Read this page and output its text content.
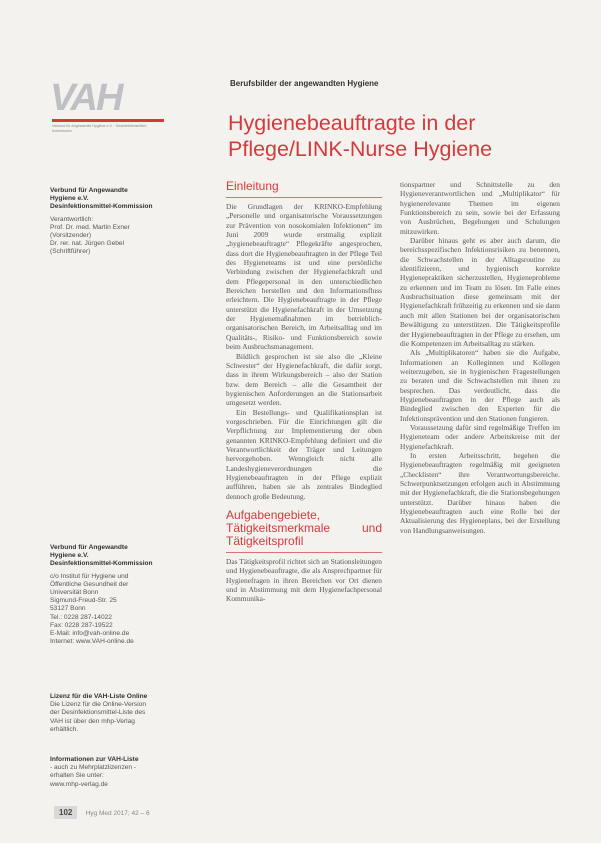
VAH
Verbund für Angewandte Hygiene e.V. · Desinfektionsmittel-Kommission
Berufsbilder der angewandten Hygiene
Hygienebeauftragte in der Pflege/LINK-Nurse Hygiene

Verbund für Angewandte

Hygiene e.V.

Desinfektionsmittel-Kommission

Verantwortlich:

Prof. Dr. med. Martin Exner

(Vorsitzender)

Dr. rer. nat. Jürgen Gebel

(Schriftführer)

Verbund für Angewandte

Hygiene e.V.

Desinfektionsmittel-Kommission

c/o Institut für Hygiene und

Öffentliche Gesundheit der

Universität Bonn

Sigmund-Freud-Str. 25

53127 Bonn

Tel.: 0228 287-14022

Fax: 0228 287-19522

E-Mail: info@vah-online.de

Internet: www.VAH-online.de

Lizenz für die VAH-Liste Online

Die Lizenz für die Online-Version

der Desinfektionsmittel-Liste des

VAH ist über den mhp-Verlag

erhältlich.

Informationen zur VAH-Liste

- auch zu Mehrplatzlizenzen -

erhalten Sie unter:

www.mhp-verlag.de

Einleitung

Die Grundlagen der KRINKO-Empfehlung „Personelle und organisatorische Voraussetzungen zur Prävention von nosokomialen Infektionen“ im Juni 2009 wurde erstmalig explizit „hygienebeauftragte“ Pflegekräfte angesprochen, dass dort die Hygienebeauftragten in der Pflege Teil des Hygieneteams ist und eine persönliche Verbindung zwischen der Hygienefachkraft und dem Pflegepersonal in den unterschiedlichen Bereichen herstellen und den Informationsfluss erleichtern. Die Hygienebeauftragte in der Pflege unterstützt die Hygienefachkraft in der Umsetzung der Hygienemaßnahmen im betrieblich-organisatorischen Bereich, im Arbeitsalltag und im Qualitäts-, Risiko- und Funktionsbereich sowie beim Ausbruchsmanagement.

Bildlich gesprochen ist sie also die „Kleine Schwester“ der Hygienefachkraft, die dafür sorgt, dass in ihrem Wirkungsbereich – also der Station bzw. dem Bereich – alle die Gesamtheit der hygienischen Anforderungen an die Stationsarbeit umgesetzt werden.

Ein Bestellungs- und Qualifikationsplan ist vorgeschrieben. Für die Einrichtungen gilt die Verpflichtung zur Implementierung der oben genannten KRINKO-Empfehlung definiert und die Verantwortlichkeit der Träger und Leitungen hervorgehoben. Wenngleich nicht alle Landeshygieneverordnungen die Hygienebeauftragten in der Pflege explizit aufführen, haben sie als zentrales Bindeglied dennoch große Bedeutung.

Aufgabengebiete, Tätigkeitsmerkmale und Tätigkeitsprofil

Das Tätigkeitsprofil richtet sich an Stationsleitungen und Hygienebeauftragte, die als Ansprechpartner für Hygienefragen in ihren Bereichen vor Ort dienen und in Abstimmung mit dem Hygienefachpersonal Kommunika-

tionspartner und Schnittstelle zu den Hygieneverantwortlichen und „Multiplikator“ für hygienerelevante Themen im eigenen Funktionsbereich zu sein, sowie bei der Erfassung von Ausbrüchen, Begehungen und Schulungen mitzuwirken.

Darüber hinaus geht es aber auch darum, die bereichsspezifischen Infektionsrisiken zu benennen, die Schwachstellen in der Alltagsroutine zu identifizieren, und hygienisch korrekte Hygienepraktiken sicherzustellen, Hygieneprobleme zu erkennen und im Team zu lösen. Im Falle eines Ausbruchsituation diese gemeinsam mit der Hygienefachkraft frühzeitig zu erkennen und sie dann auch mit allen Stationen bei der organisatorischen Bewältigung zu unterstützen. Die Tätigkeitsprofile der Hygienebeauftragten in der Pflege zu ersehen, um die Kompetenzen im Arbeitsalltag zu stärken.

Als „Multiplikatoren“ haben sie die Aufgabe, Informationen an Kolleginnen und Kollegen weiterzugeben, sie in hygienischen Fragestellungen zu beraten und die Schwachstellen mit ihnen zu besprechen. Das verdeutlicht, dass die Hygienebeauftragten in der Pflege auch als Bindeglied zwischen den Experten für die Infektionsprävention und den Stationen fungieren.

Voraussetzung dafür sind regelmäßige Treffen im Hygieneteam oder andere Arbeitskreise mit der Hygienefachkraft.

In ersten Arbeitsschritt, begehen die Hygienebeauftragten regelmäßig mit geeigneten „Checklisten“ ihre Verantwortungsbereiche. Schwerpunktsetzungen erfolgen auch in Abstimmung mit der Hygienefachkraft, die die Stationsbegehungen unterstützt. Darüber hinaus haben die Hygienebeauftragten auch eine Rolle bei der Aktualisierung des Hygieneplans, bei der Erstellung von Handlungsanweisungen.

102 Hyg Med 2017; 42 – 6
